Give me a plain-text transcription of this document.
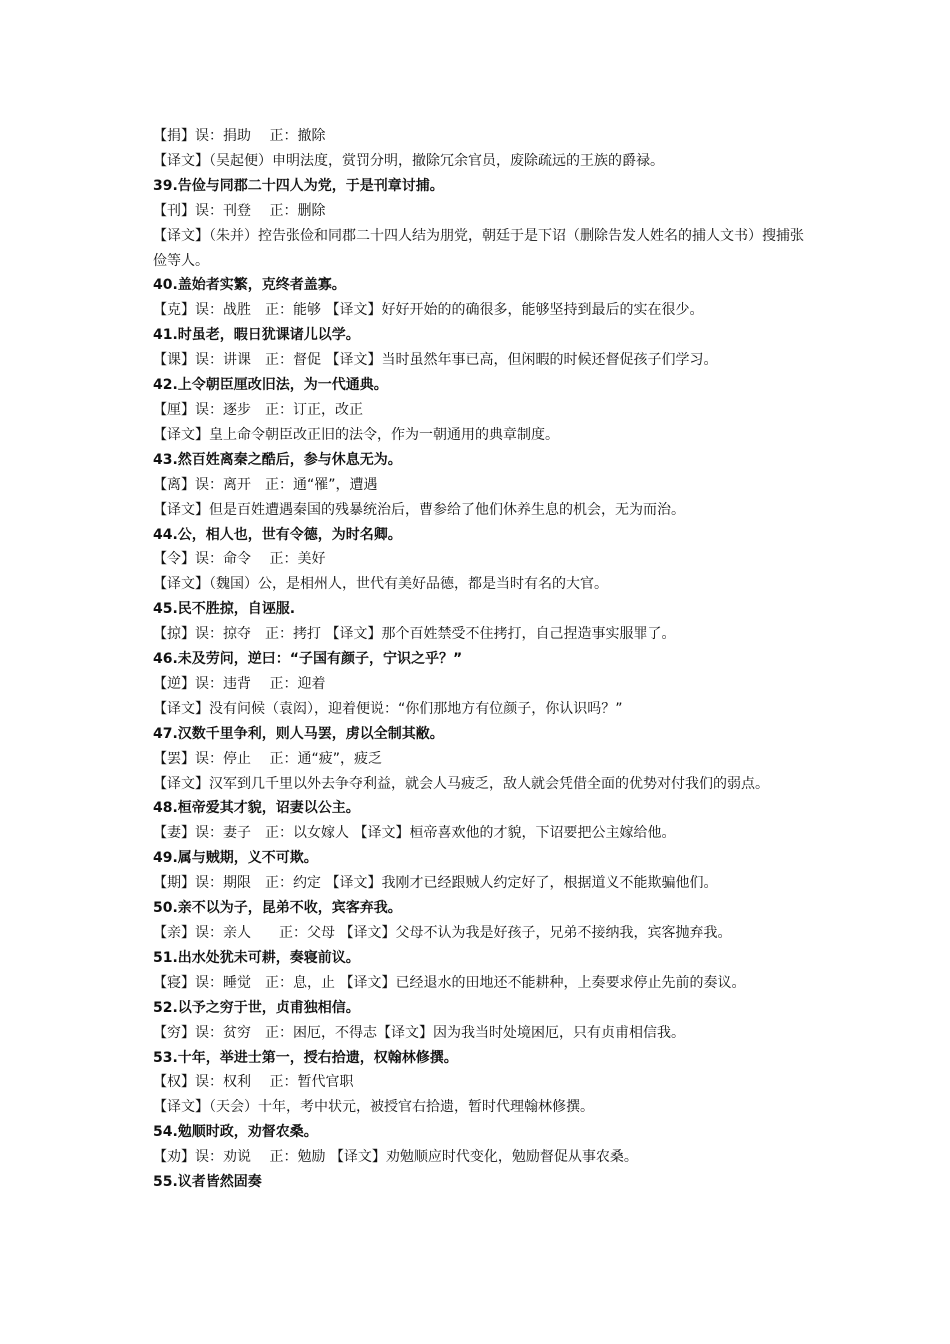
【捐】误：捐助　 正：撤除
【译文】（吴起便）申明法度，赏罚分明，撤除冗余官员，废除疏远的王族的爵禄。
39.告俭与同郡二十四人为党，于是刊章讨捕。
【刊】误：刊登　 正：删除
【译文】（朱并）控告张俭和同郡二十四人结为朋党，朝廷于是下诏（删除告发人姓名的捕人文书）搜捕张俭等人。
40.盖始者实繁，克终者盖寡。
【克】误：战胜　正：能够 【译文】好好开始的的确很多，能够坚持到最后的实在很少。
41.时虽老，暇日犹课诸儿以学。
【课】误：讲课　正：督促 【译文】当时虽然年事已高，但闲暇的时候还督促孩子们学习。
42.上令朝臣厘改旧法，为一代通典。
【厘】误：逐步　正：订正，改正
【译文】皇上命令朝臣改正旧的法令，作为一朝通用的典章制度。
43.然百姓离秦之酷后，参与休息无为。
【离】误：离开　正：通“罹”，遭遇
【译文】但是百姓遭遇秦国的残暴统治后，曹参给了他们休养生息的机会，无为而治。
44.公，相人也，世有令德，为时名卿。
【令】误：命令　 正：美好
【译文】（魏国）公，是相州人，世代有美好品德，都是当时有名的大官。
45.民不胜掠，自诬服.
【掠】误：掠夺　正：拷打 【译文】那个百姓禁受不住拷打，自己捏造事实服罪了。
46.未及劳问，逆曰：“子国有颜子，宁识之乎？”
【逆】误：违背　 正：迎着
【译文】没有问候（袁闳），迎着便说：“你们那地方有位颜子，你认识吗？”
47.汉数千里争利，则人马罢，虏以全制其敝。
【罢】误：停止　 正：通“疲”，疲乏
【译文】汉军到几千里以外去争夺利益，就会人马疲乏，敌人就会凭借全面的优势对付我们的弱点。
48.桓帝爱其才貌，诏妻以公主。
【妻】误：妻子　正：以女嫁人 【译文】桓帝喜欢他的才貌，下诏要把公主嫁给他。
49.属与贼期，义不可欺。
【期】误：期限　正：约定 【译文】我刚才已经跟贼人约定好了，根据道义不能欺骗他们。
50.亲不以为子，昆弟不收，宾客弃我。
【亲】误：亲人　　正：父母 【译文】父母不认为我是好孩子，兄弟不接纳我，宾客抛弃我。
51.出水处犹未可耕，奏寝前议。
【寝】误：睡觉　正：息，止 【译文】已经退水的田地还不能耕种，上奏要求停止先前的奏议。
52.以予之穷于世，贞甫独相信。
【穷】误：贫穷　正：困厄，不得志【译文】因为我当时处境困厄，只有贞甫相信我。
53.十年，举进士第一，授右拾遗，权翰林修撰。
【权】误：权利　 正：暂代官职
【译文】（天会）十年，考中状元，被授官右拾遗，暂时代理翰林修撰。
54.勉顺时政，劝督农桑。
【劝】误：劝说　 正：勉励 【译文】劝勉顺应时代变化，勉励督促从事农桑。
55.议者皆然固奏
